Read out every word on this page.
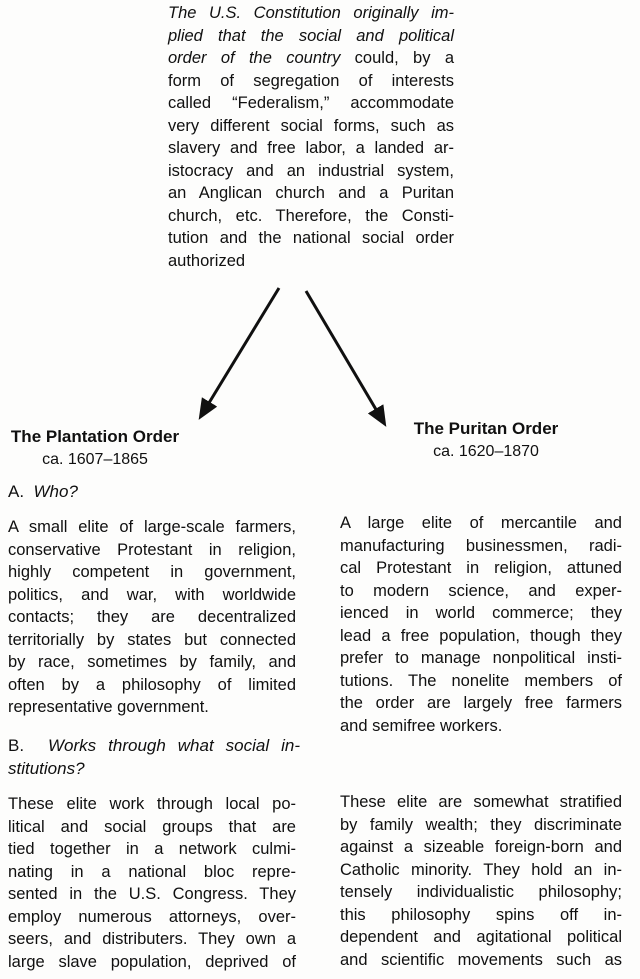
The U.S. Constitution originally im-
plied that the social and political
order of the country could, by a
form of segregation of interests
called “Federalism,” accommodate
very different social forms, such as
slavery and free labor, a landed ar-
istocracy and an industrial system,
an Anglican church and a Puritan
church, etc. Therefore, the Consti-
tution and the national social order
authorized
The Plantation Order
ca. 1607–1865
The Puritan Order
ca. 1620–1870
A.  Who?
A small elite of large-scale farmers,
conservative Protestant in religion,
highly competent in government,
politics, and war, with worldwide
contacts; they are decentralized
territorially by states but connected
by race, sometimes by family, and
often by a philosophy of limited
representative government.
A large elite of mercantile and
manufacturing businessmen, radi-
cal Protestant in religion, attuned
to modern science, and exper-
ienced in world commerce; they
lead a free population, though they
prefer to manage nonpolitical insti-
tutions. The nonelite members of
the order are largely free farmers
and semifree workers.
B.  Works through what social in-
stitutions?
These elite work through local po-
litical and social groups that are
tied together in a network culmi-
nating in a national bloc repre-
sented in the U.S. Congress. They
employ numerous attorneys, over-
seers, and distributers. They own a
large slave population, deprived of
These elite are somewhat stratified
by family wealth; they discriminate
against a sizeable foreign-born and
Catholic minority. They hold an in-
tensely individualistic philosophy;
this philosophy spins off in-
dependent and agitational political
and scientific movements such as
